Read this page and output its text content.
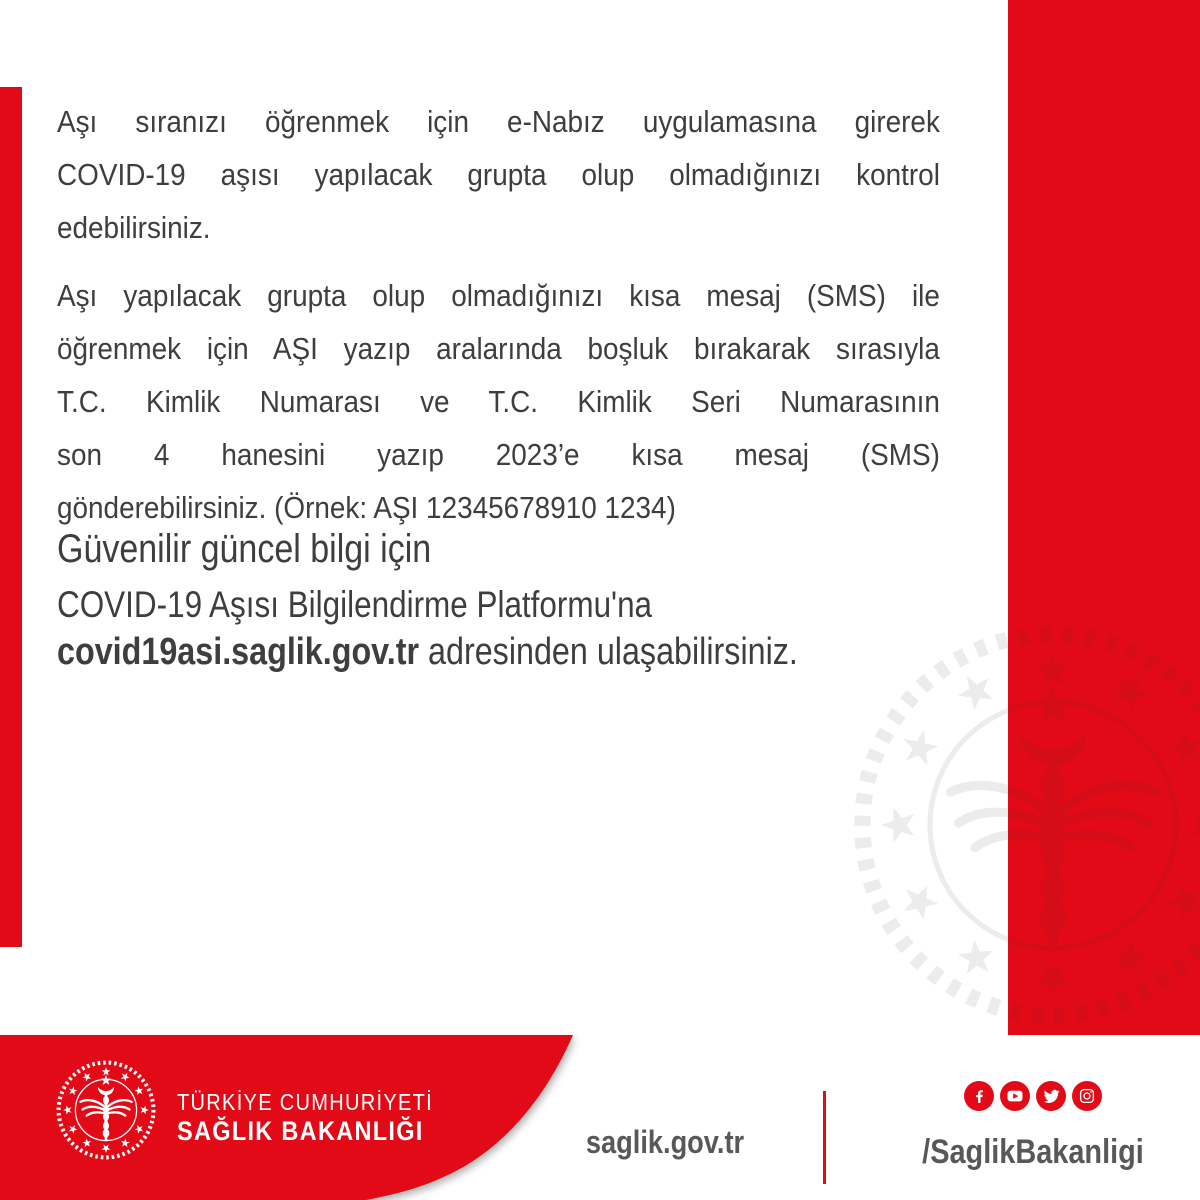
Aşı sıranızı öğrenmek için e-Nabız uygulamasına girerek
COVID-19 aşısı yapılacak grupta olup olmadığınızı kontrol
edebilirsiniz.
Aşı yapılacak grupta olup olmadığınızı kısa mesaj (SMS) ile
öğrenmek için AŞI yazıp aralarında boşluk bırakarak sırasıyla
T.C. Kimlik Numarası ve T.C. Kimlik Seri Numarasının
son 4 hanesini yazıp 2023’e kısa mesaj (SMS)
gönderebilirsiniz. (Örnek: AŞI 12345678910 1234)
Güvenilir güncel bilgi için
COVID-19 Aşısı Bilgilendirme Platformu'na
covid19asi.saglik.gov.tr adresinden ulaşabilirsiniz.
TÜRKİYE CUMHURİYETİ
SAĞLIK BAKANLIĞI	saglik.gov.tr	/SaglikBakanligi
